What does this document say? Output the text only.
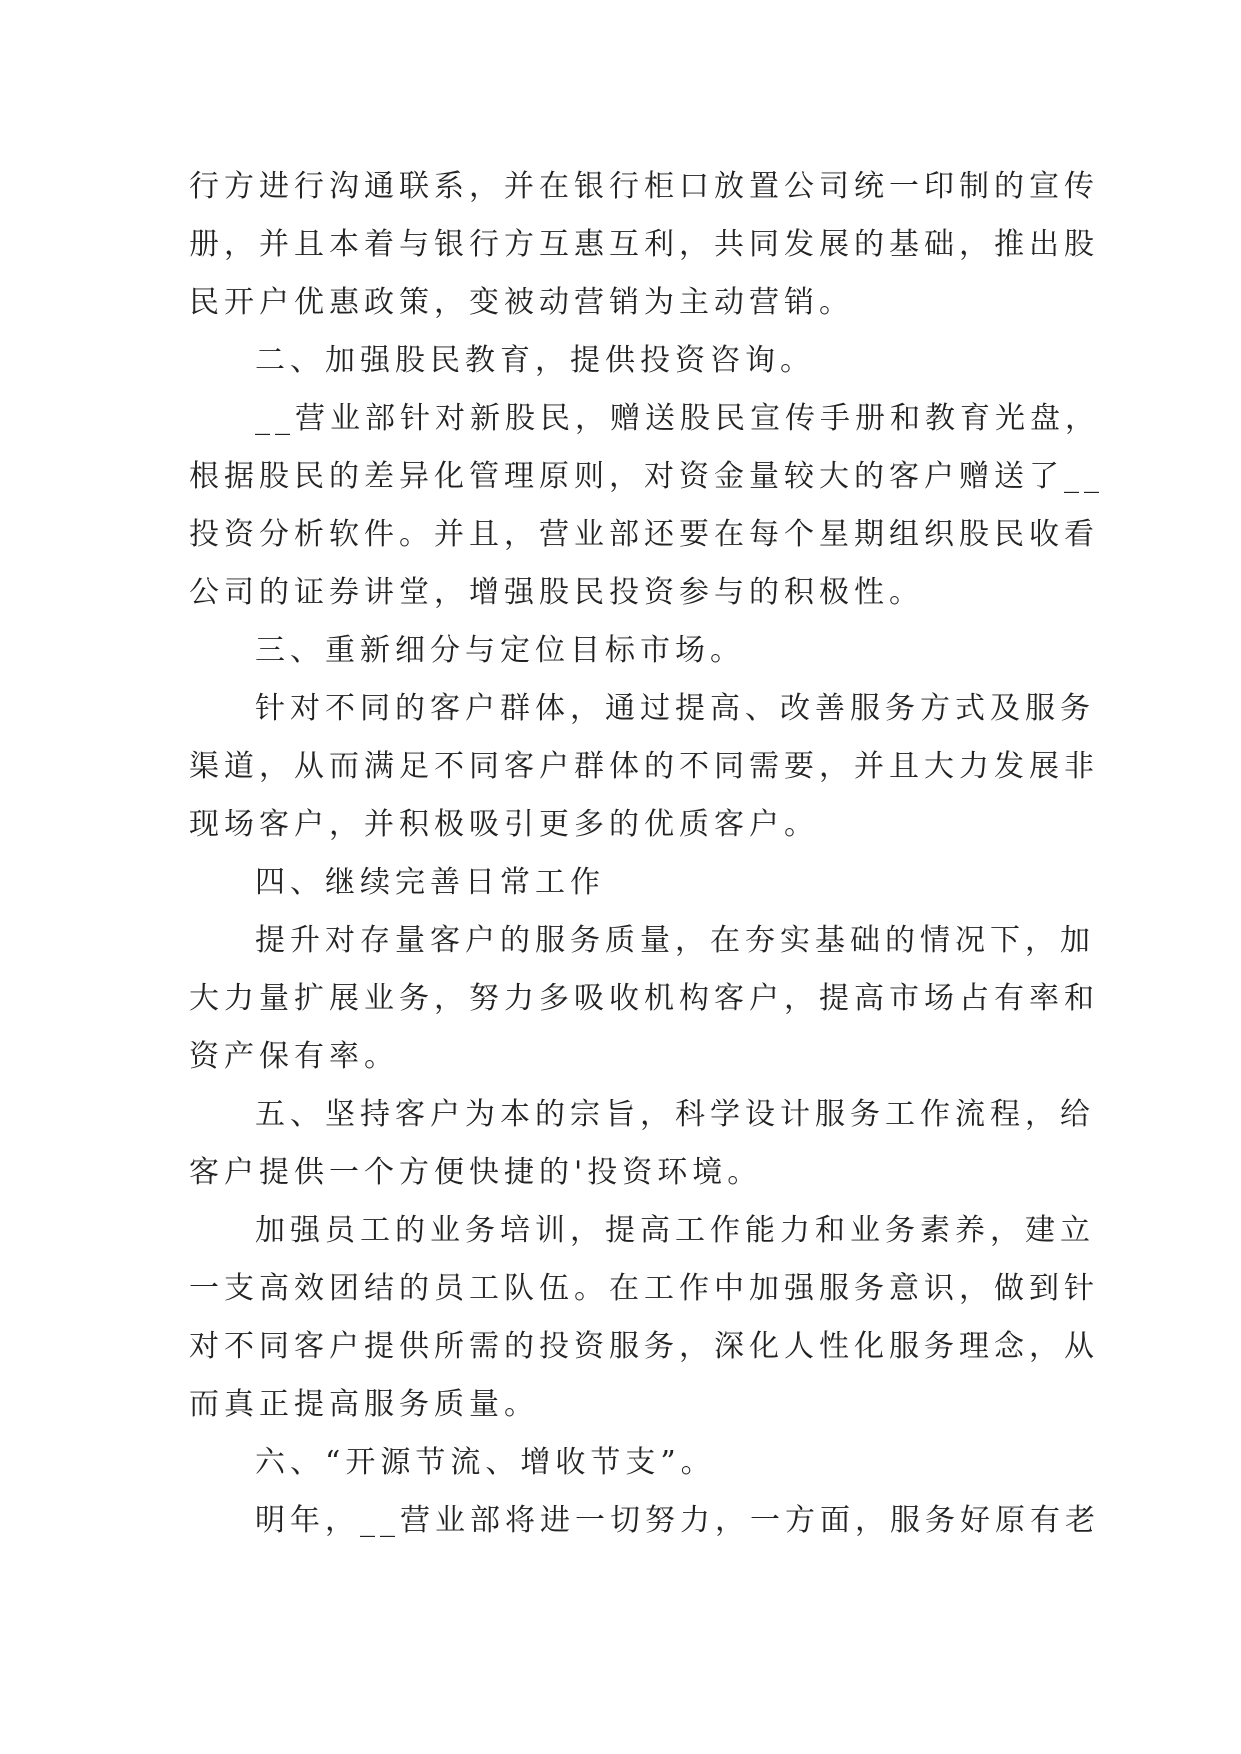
行方进行沟通联系，并在银行柜口放置公司统一印制的宣传
册，并且本着与银行方互惠互利，共同发展的基础，推出股
民开户优惠政策，变被动营销为主动营销。
二、加强股民教育，提供投资咨询。
__营业部针对新股民，赠送股民宣传手册和教育光盘，
根据股民的差异化管理原则，对资金量较大的客户赠送了__
投资分析软件。并且，营业部还要在每个星期组织股民收看
公司的证券讲堂，增强股民投资参与的积极性。
三、重新细分与定位目标市场。
针对不同的客户群体，通过提高、改善服务方式及服务
渠道，从而满足不同客户群体的不同需要，并且大力发展非
现场客户，并积极吸引更多的优质客户。
四、继续完善日常工作
提升对存量客户的服务质量，在夯实基础的情况下，加
大力量扩展业务，努力多吸收机构客户，提高市场占有率和
资产保有率。
五、坚持客户为本的宗旨，科学设计服务工作流程，给
客户提供一个方便快捷的'投资环境。
加强员工的业务培训，提高工作能力和业务素养，建立
一支高效团结的员工队伍。在工作中加强服务意识，做到针
对不同客户提供所需的投资服务，深化人性化服务理念，从
而真正提高服务质量。
六、“开源节流、增收节支”。
明年，__营业部将进一切努力，一方面，服务好原有老
